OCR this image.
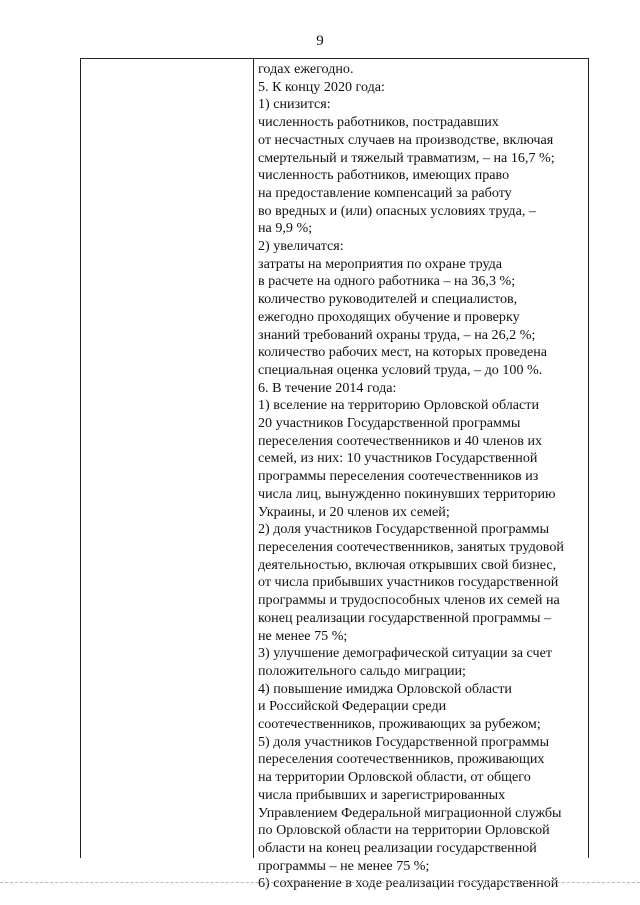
9
годах ежегодно.
5. К концу 2020 года:
1) снизится:
численность работников, пострадавших
от несчастных случаев на производстве, включая
смертельный и тяжелый травматизм, – на 16,7 %;
численность работников, имеющих право
на предоставление компенсаций за работу
во вредных и (или) опасных условиях труда, –
на 9,9 %;
2) увеличатся:
затраты на мероприятия по охране труда
в расчете на одного работника – на 36,3 %;
количество руководителей и специалистов,
ежегодно проходящих обучение и проверку
знаний требований охраны труда, – на 26,2 %;
количество рабочих мест, на которых проведена
специальная оценка условий труда, – до 100 %.
6. В течение 2014 года:
1) вселение на территорию Орловской области
20 участников Государственной программы
переселения соотечественников и 40 членов их
семей, из них: 10 участников Государственной
программы переселения соотечественников из
числа лиц, вынужденно покинувших территорию
Украины, и 20 членов их семей;
2) доля участников Государственной программы
переселения соотечественников, занятых трудовой
деятельностью, включая открывших свой бизнес,
от числа прибывших участников государственной
программы и трудоспособных членов их семей на
конец реализации государственной программы –
не менее 75 %;
3) улучшение демографической ситуации за счет
положительного сальдо миграции;
4) повышение имиджа Орловской области
и Российской Федерации среди
соотечественников, проживающих за рубежом;
5) доля участников Государственной программы
переселения соотечественников, проживающих
на территории Орловской области, от общего
числа прибывших и зарегистрированных
Управлением Федеральной миграционной службы
по Орловской области на территории Орловской
области на конец реализации государственной
программы – не менее 75 %;
6) сохранение в ходе реализации государственной
